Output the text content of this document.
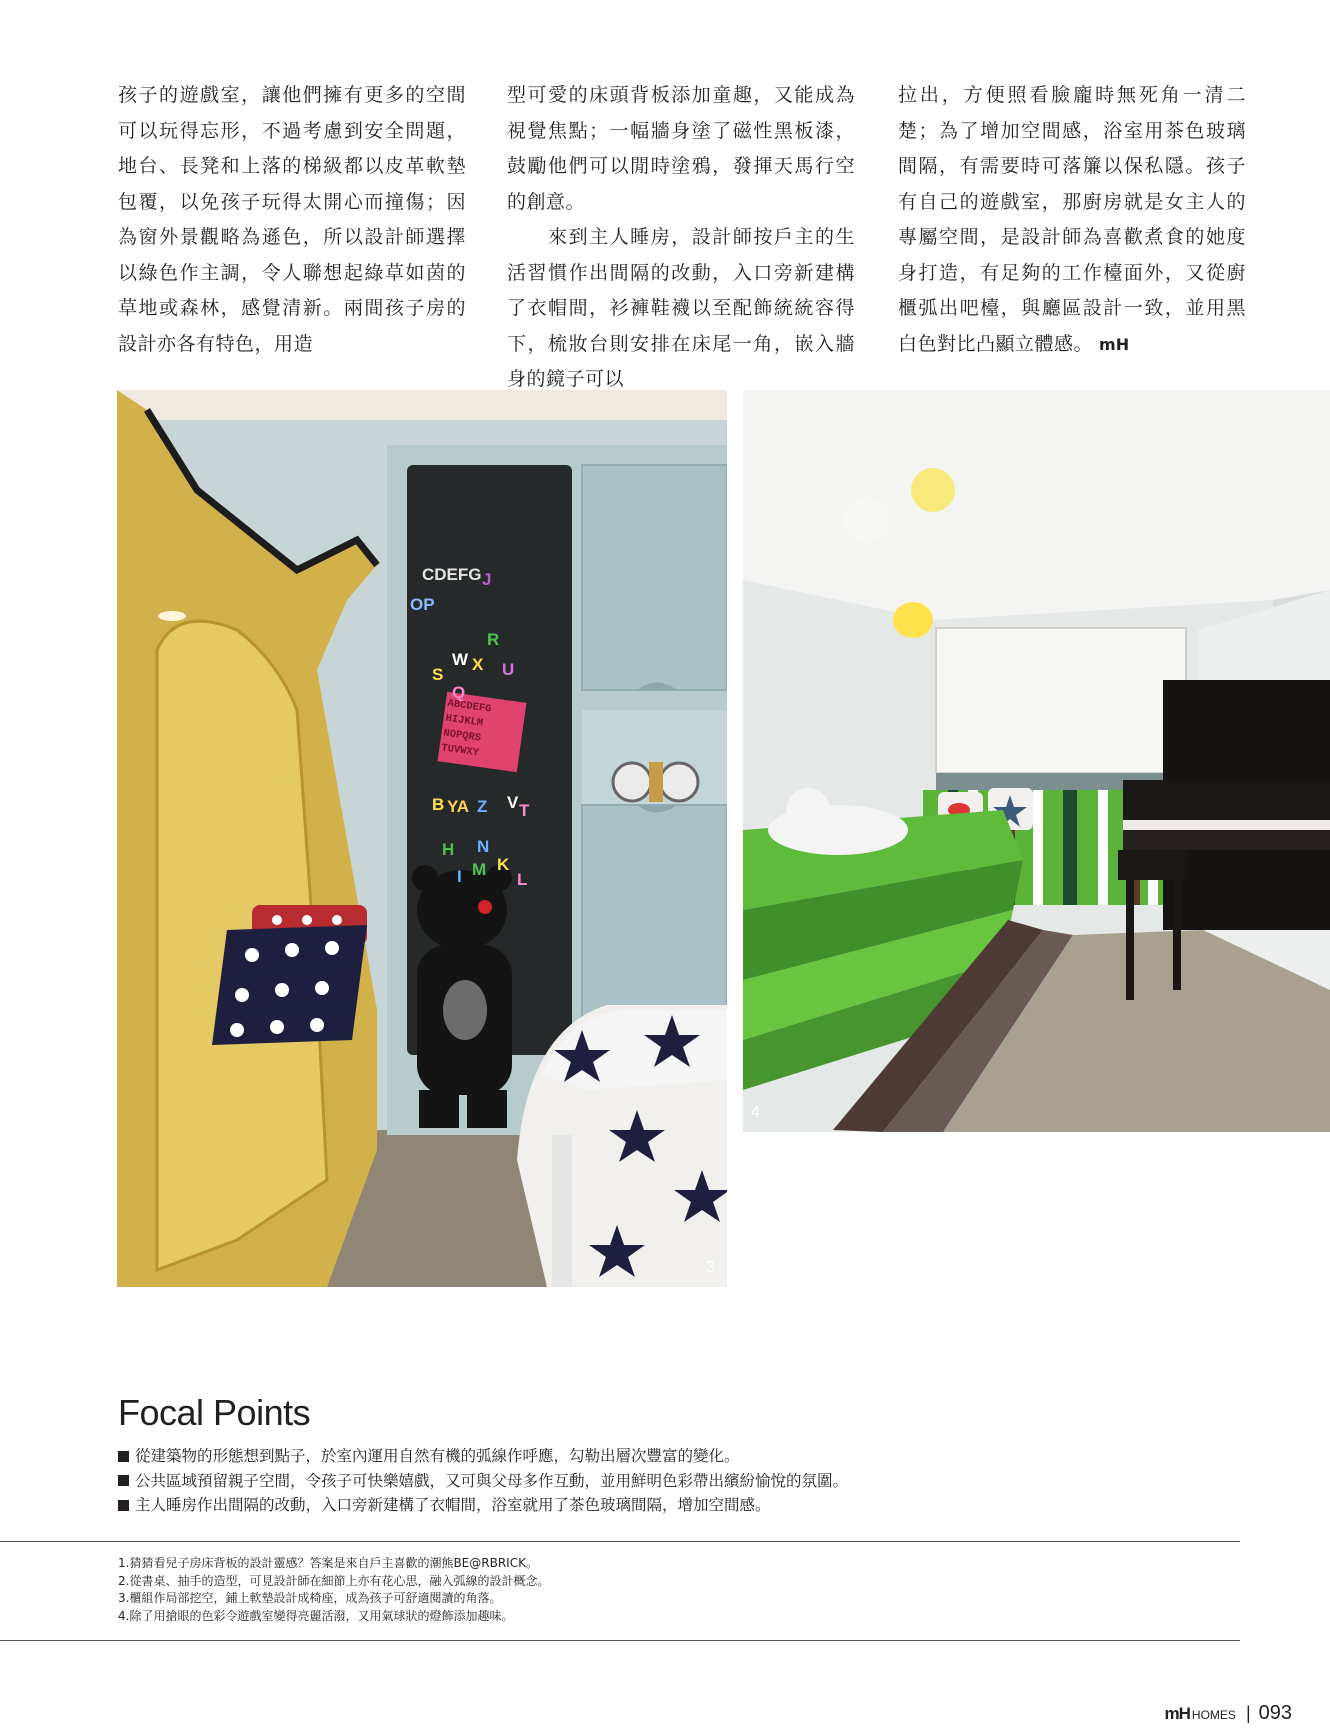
孩子的遊戲室，讓他們擁有更多的空間可以玩得忘形，不過考慮到安全問題，地台、長凳和上落的梯級都以皮革軟墊包覆，以免孩子玩得太開心而撞傷；因為窗外景觀略為遜色，所以設計師選擇以綠色作主調，令人聯想起綠草如茵的草地或森林，感覺清新。兩間孩子房的設計亦各有特色，用造

型可愛的床頭背板添加童趣，又能成為視覺焦點；一幅牆身塗了磁性黑板漆，鼓勵他們可以閒時塗鴉，發揮天馬行空的創意。

　　來到主人睡房，設計師按戶主的生活習慣作出間隔的改動，入口旁新建構了衣帽間，衫褲鞋襪以至配飾統統容得下，梳妝台則安排在床尾一角，嵌入牆身的鏡子可以

拉出，方便照看臉龐時無死角一清二楚；為了增加空間感，浴室用茶色玻璃間隔，有需要時可落簾以保私隱。孩子有自己的遊戲室，那廚房就是女主人的專屬空間，是設計師為喜歡煮食的她度身打造，有足夠的工作檯面外，又從廚櫃弧出吧檯，與廳區設計一致，並用黑白色對比凸顯立體感。 mH

CDEFG J
OP
R
S
W X U
Q
B YA Z V T
H N
K
L
I M
ABCDEFG
HIJKLM
NOPQRS
TUVWXY
3
4
Focal Points
從建築物的形態想到點子，於室內運用自然有機的弧線作呼應，勾勒出層次豐富的變化。
公共區域預留親子空間，令孩子可快樂嬉戲，又可與父母多作互動，並用鮮明色彩帶出繽紛愉悅的氛圍。
主人睡房作出間隔的改動，入口旁新建構了衣帽間，浴室就用了茶色玻璃間隔，增加空間感。
1.猜猜看兒子房床背板的設計靈感？答案是來自戶主喜歡的潮熊BE@RBRICK。
2.從書桌、抽手的造型，可見設計師在細節上亦有花心思，融入弧線的設計概念。
3.櫃組作局部挖空，鋪上軟墊設計成椅座，成為孩子可舒適閱讀的角落。
4.除了用搶眼的色彩令遊戲室變得亮麗活潑，又用氣球狀的燈飾添加趣味。
mH HOMES | 093
